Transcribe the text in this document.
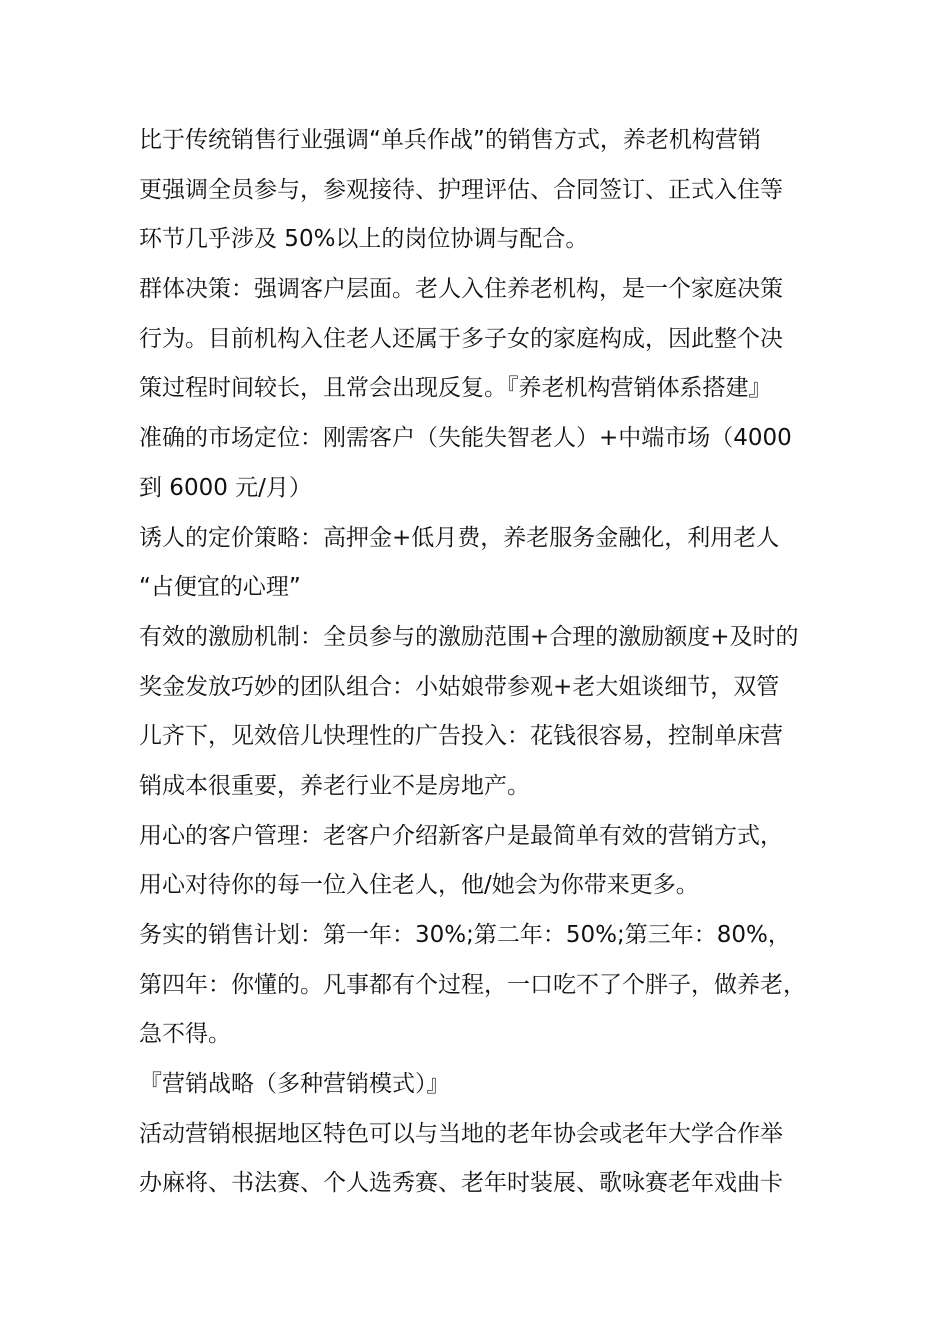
比于传统销售行业强调“单兵作战”的销售方式，养老机构营销
更强调全员参与，参观接待、护理评估、合同签订、正式入住等
环节几乎涉及 50%以上的岗位协调与配合。
群体决策：强调客户层面。老人入住养老机构，是一个家庭决策
行为。目前机构入住老人还属于多子女的家庭构成，因此整个决
策过程时间较长，且常会出现反复。『养老机构营销体系搭建』
准确的市场定位：刚需客户（失能失智老人）+中端市场（4000
到 6000 元/月）
诱人的定价策略：高押金+低月费，养老服务金融化，利用老人
“占便宜的心理”
有效的激励机制：全员参与的激励范围+合理的激励额度+及时的
奖金发放巧妙的团队组合：小姑娘带参观+老大姐谈细节，双管
儿齐下，见效倍儿快理性的广告投入：花钱很容易，控制单床营
销成本很重要，养老行业不是房地产。
用心的客户管理：老客户介绍新客户是最简单有效的营销方式，
用心对待你的每一位入住老人，他/她会为你带来更多。
务实的销售计划：第一年：30%;第二年：50%;第三年：80%，
第四年：你懂的。凡事都有个过程，一口吃不了个胖子，做养老，
急不得。
『营销战略（多种营销模式）』
活动营销根据地区特色可以与当地的老年协会或老年大学合作举
办麻将、书法赛、个人选秀赛、老年时装展、歌咏赛老年戏曲卡
